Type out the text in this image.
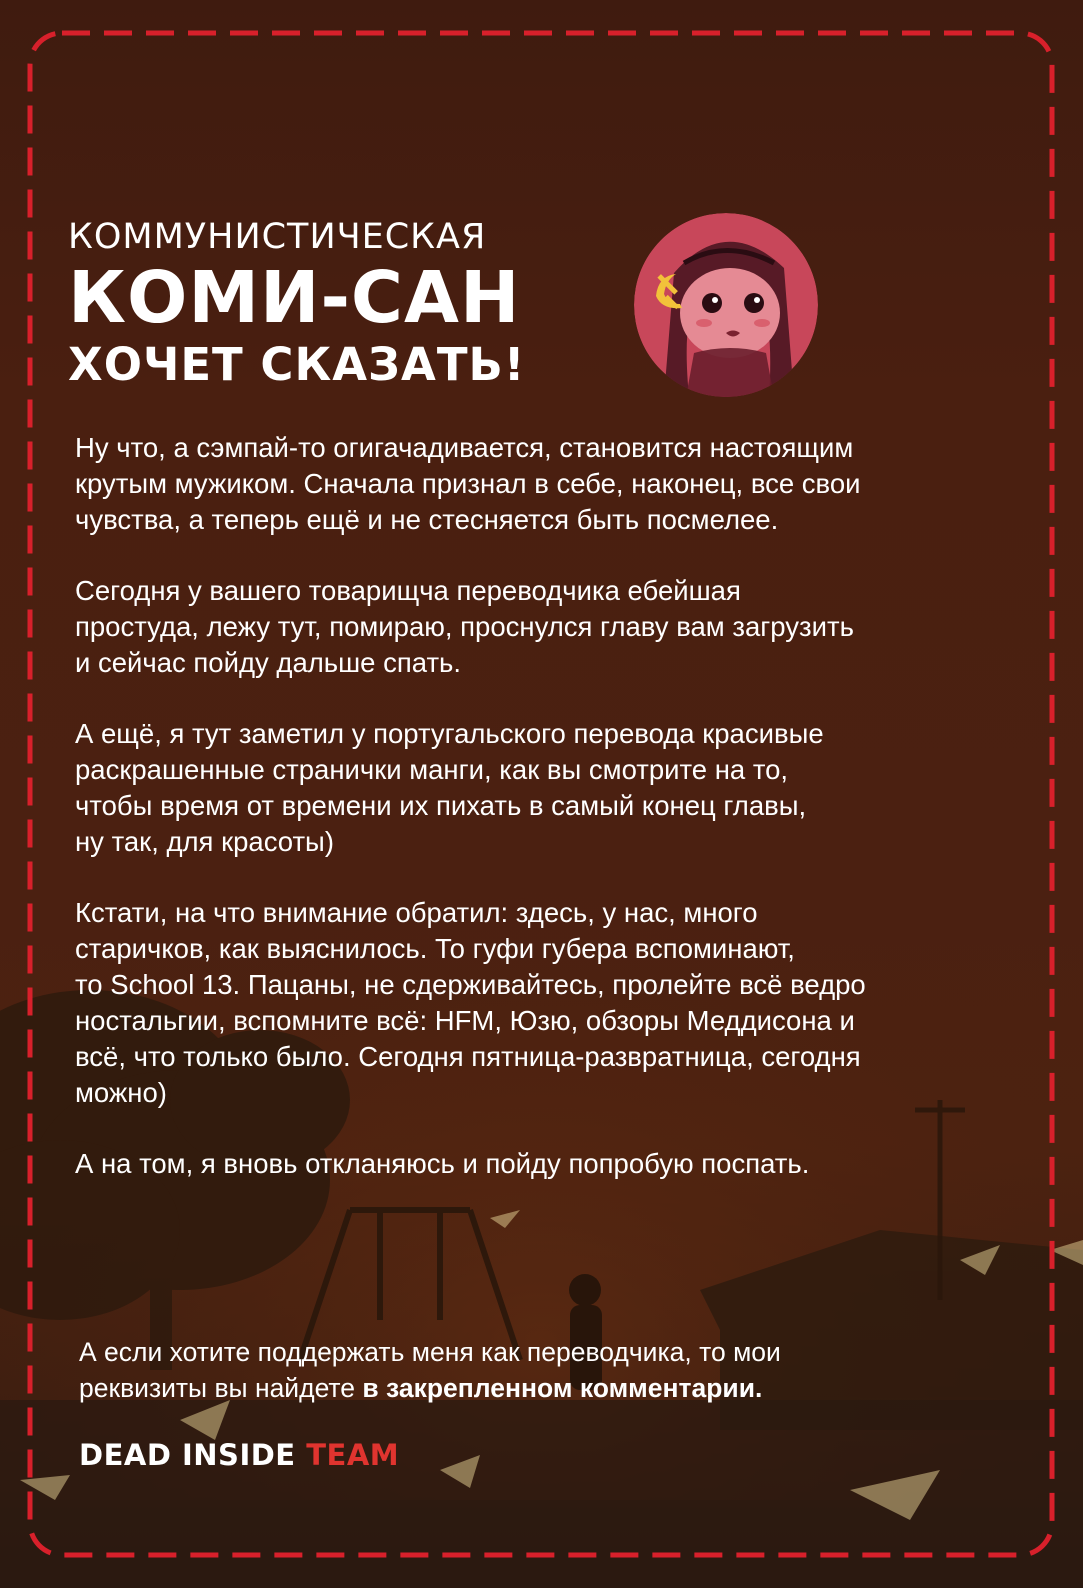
КОММУНИСТИЧЕСКАЯ
КОМИ-САН
ХОЧЕТ СКАЗАТЬ!

Ну что, а сэмпай-то огигачадивается, становится настоящим
крутым мужиком. Сначала признал в себе, наконец, все свои
чувства, а теперь ещё и не стесняется быть посмелее.

Сегодня у вашего товарищча переводчика ебейшая
простуда, лежу тут, помираю, проснулся главу вам загрузить
и сейчас пойду дальше спать.

А ещё, я тут заметил у португальского перевода красивые
раскрашенные странички манги, как вы смотрите на то,
чтобы время от времени их пихать в самый конец главы,
ну так, для красоты)

Кстати, на что внимание обратил: здесь, у нас, много
старичков, как выяснилось. То гуфи губера вспоминают,
то School 13. Пацаны, не сдерживайтесь, пролейте всё ведро
ностальгии, вспомните всё: HFM, Юзю, обзоры Меддисона и
всё, что только было. Сегодня пятница-развратница, сегодня
можно)

А на том, я вновь откланяюсь и пойду попробую поспать.

А если хотите поддержать меня как переводчика, то мои
реквизиты вы найдете в закрепленном комментарии.
DEAD INSIDE TEAM
